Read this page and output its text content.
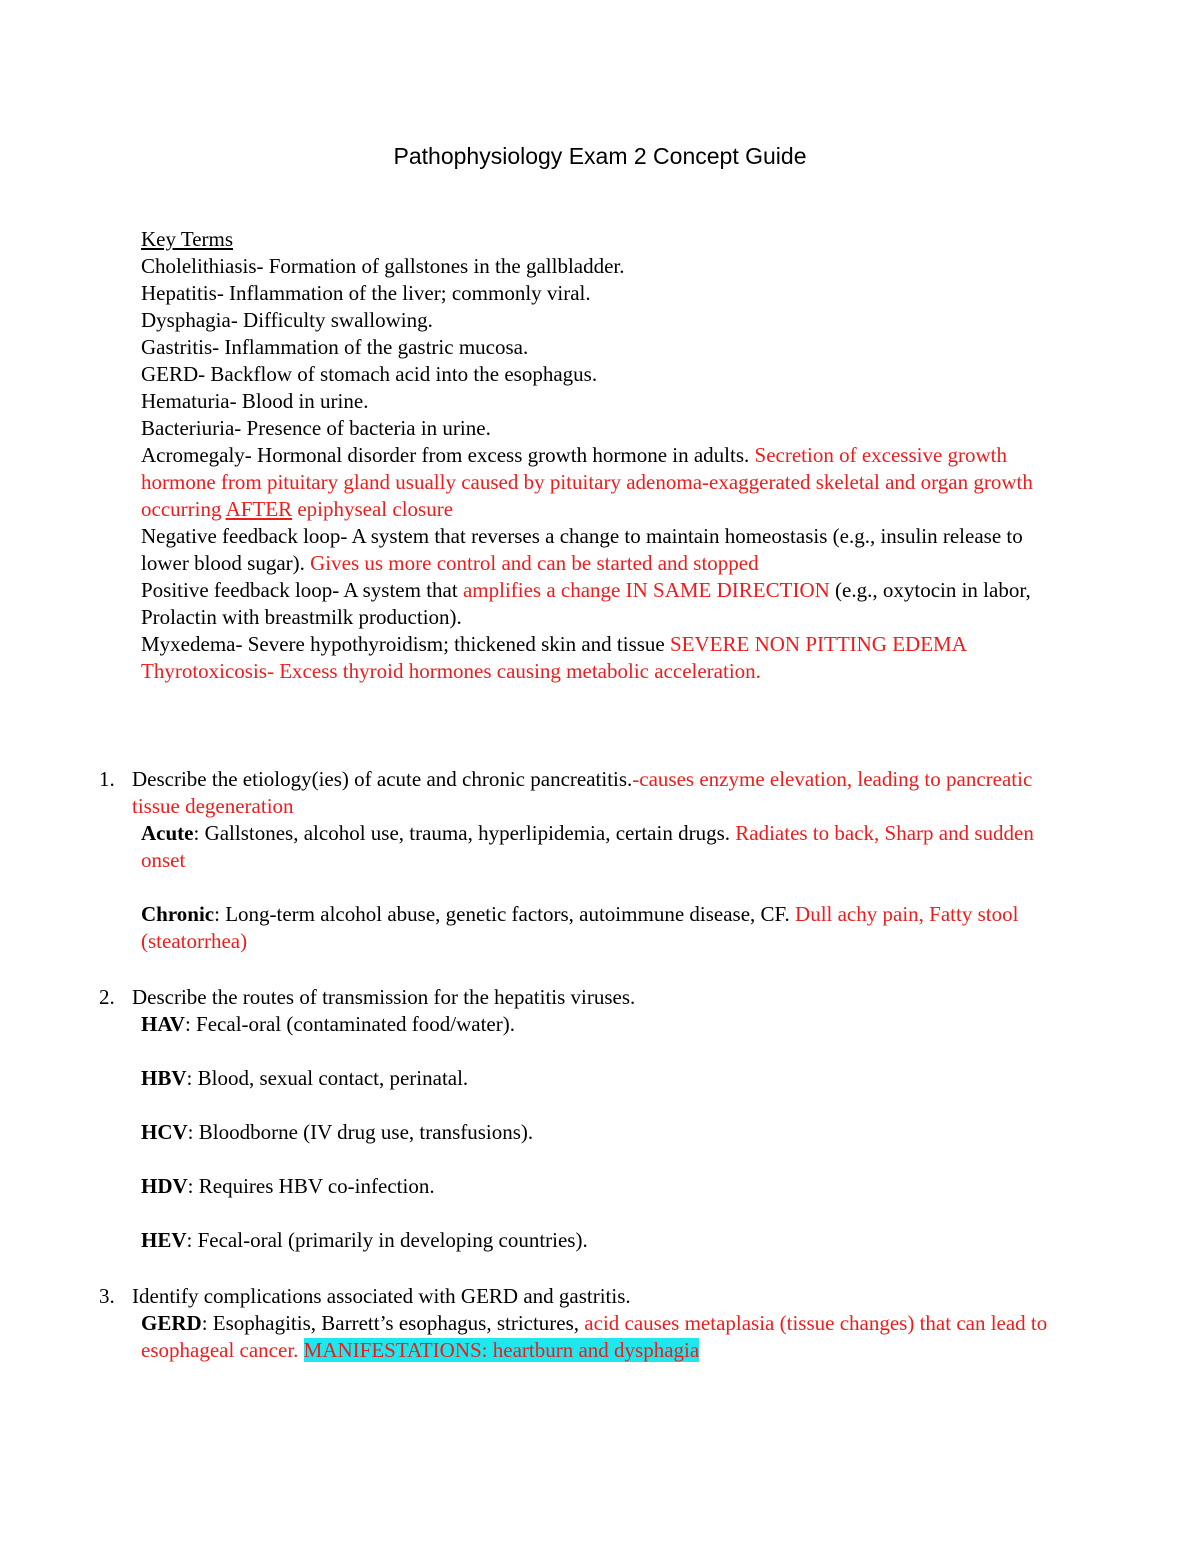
Pathophysiology Exam 2 Concept Guide
Key Terms
Cholelithiasis- Formation of gallstones in the gallbladder.
Hepatitis- Inflammation of the liver; commonly viral.
Dysphagia- Difficulty swallowing.
Gastritis- Inflammation of the gastric mucosa.
GERD- Backflow of stomach acid into the esophagus.
Hematuria- Blood in urine.
Bacteriuria- Presence of bacteria in urine.
Acromegaly- Hormonal disorder from excess growth hormone in adults. Secretion of excessive growth hormone from pituitary gland usually caused by pituitary adenoma-exaggerated skeletal and organ growth occurring AFTER epiphyseal closure
Negative feedback loop- A system that reverses a change to maintain homeostasis (e.g., insulin release to lower blood sugar). Gives us more control and can be started and stopped
Positive feedback loop- A system that amplifies a change IN SAME DIRECTION (e.g., oxytocin in labor, Prolactin with breastmilk production).
Myxedema- Severe hypothyroidism; thickened skin and tissue SEVERE NON PITTING EDEMA
Thyrotoxicosis- Excess thyroid hormones causing metabolic acceleration.
1. Describe the etiology(ies) of acute and chronic pancreatitis.-causes enzyme elevation, leading to pancreatic tissue degeneration
Acute: Gallstones, alcohol use, trauma, hyperlipidemia, certain drugs. Radiates to back, Sharp and sudden onset
Chronic: Long-term alcohol abuse, genetic factors, autoimmune disease, CF. Dull achy pain, Fatty stool (steatorrhea)
2. Describe the routes of transmission for the hepatitis viruses.
HAV: Fecal-oral (contaminated food/water).
HBV: Blood, sexual contact, perinatal.
HCV: Bloodborne (IV drug use, transfusions).
HDV: Requires HBV co-infection.
HEV: Fecal-oral (primarily in developing countries).
3. Identify complications associated with GERD and gastritis.
GERD: Esophagitis, Barrett’s esophagus, strictures, acid causes metaplasia (tissue changes) that can lead to esophageal cancer. MANIFESTATIONS: heartburn and dysphagia
